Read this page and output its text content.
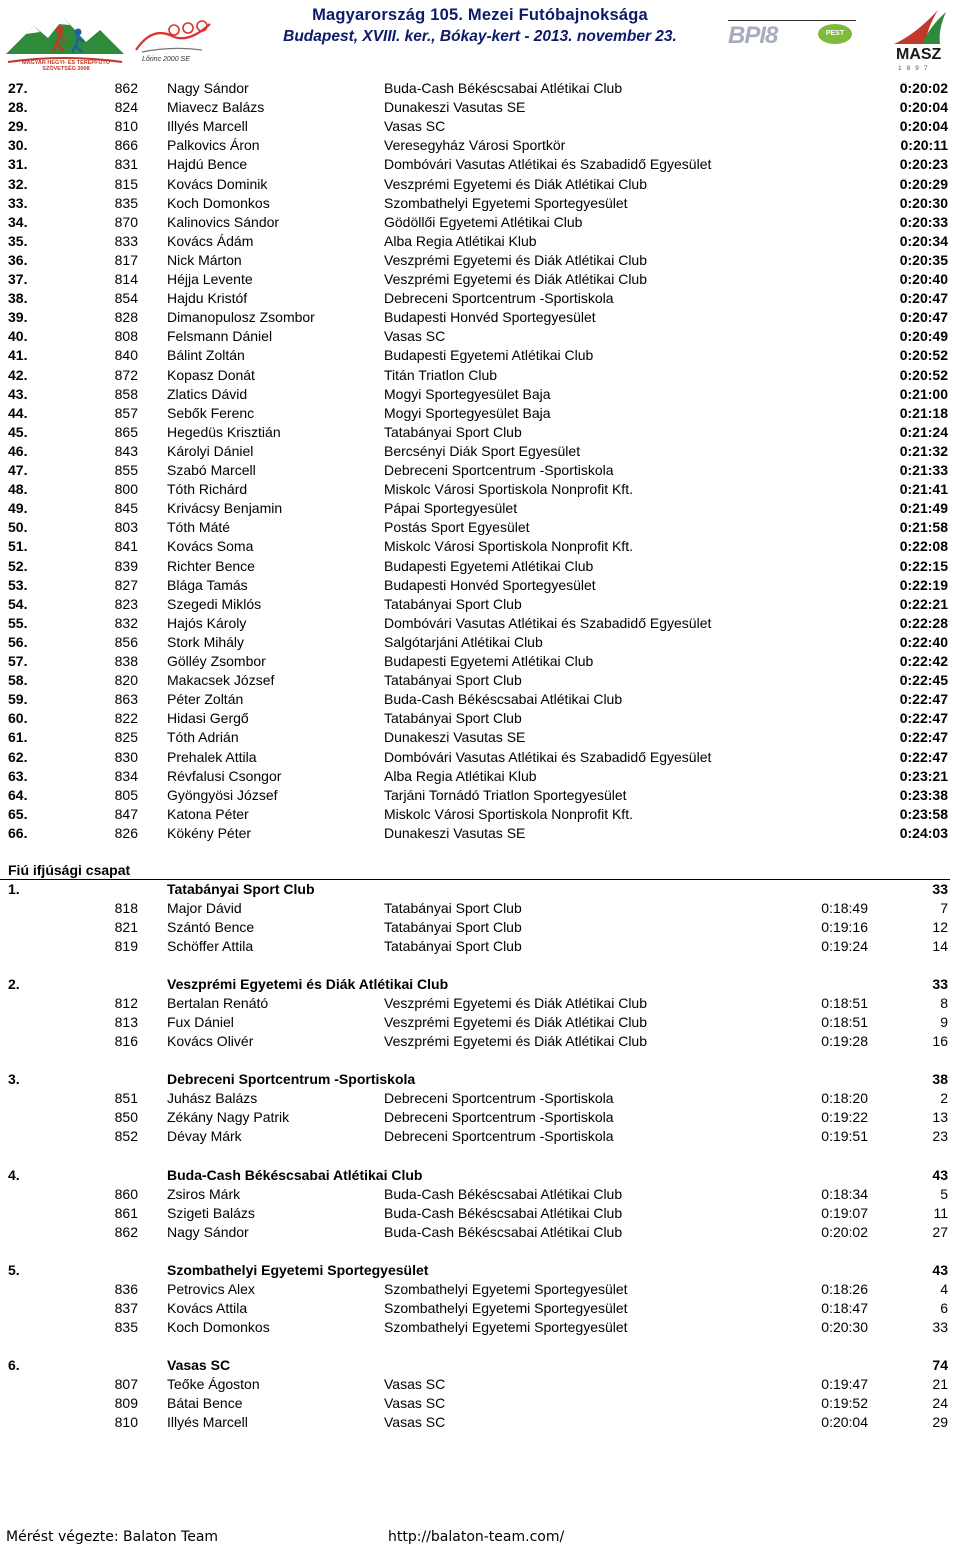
MAGYAR HEGYI- ÉS TEREPFUTÓ SZÖVETSÉG 2008
Lőrinc 2000 SE
Magyarország 105. Mezei Futóbajnoksága
Budapest, XVIII. ker., Bókay-kert - 2013. november 23.	BPI8	PEST
MASZ
1897
27.	862 Nagy Sándor	Buda-Cash Békéscsabai Atlétikai Club	0:20:02
28.	824 Miavecz Balázs	Dunakeszi Vasutas SE	0:20:04
29.	810 Illyés Marcell	Vasas SC	0:20:04
30.	866 Palkovics Áron	Veresegyház Városi Sportkör	0:20:11
31.	831 Hajdú Bence	Dombóvári Vasutas Atlétikai és Szabadidő Egyesület	0:20:23
32.	815 Kovács Dominik	Veszprémi Egyetemi és Diák Atlétikai Club	0:20:29
33.	835 Koch Domonkos	Szombathelyi Egyetemi Sportegyesület	0:20:30
34.	870 Kalinovics Sándor	Gödöllői Egyetemi Atlétikai Club	0:20:33
35.	833 Kovács Ádám	Alba Regia Atlétikai Klub	0:20:34
36.	817 Nick Márton	Veszprémi Egyetemi és Diák Atlétikai Club	0:20:35
37.	814 Héjja Levente	Veszprémi Egyetemi és Diák Atlétikai Club	0:20:40
38.	854 Hajdu Kristóf	Debreceni Sportcentrum -Sportiskola	0:20:47
39.	828 Dimanopulosz Zsombor	Budapesti Honvéd Sportegyesület	0:20:47
40.	808 Felsmann Dániel	Vasas SC	0:20:49
41.	840 Bálint Zoltán	Budapesti Egyetemi Atlétikai Club	0:20:52
42.	872 Kopasz Donát	Titán Triatlon Club	0:20:52
43.	858 Zlatics Dávid	Mogyi Sportegyesület Baja	0:21:00
44.	857 Sebők Ferenc	Mogyi Sportegyesület Baja	0:21:18
45.	865 Hegedüs Krisztián	Tatabányai Sport Club	0:21:24
46.	843 Károlyi Dániel	Bercsényi Diák Sport Egyesület	0:21:32
47.	855 Szabó Marcell	Debreceni Sportcentrum -Sportiskola	0:21:33
48.	800 Tóth Richárd	Miskolc Városi Sportiskola Nonprofit Kft.	0:21:41
49.	845 Krivácsy Benjamin	Pápai Sportegyesület	0:21:49
50.	803 Tóth Máté	Postás Sport Egyesület	0:21:58
51.	841 Kovács Soma	Miskolc Városi Sportiskola Nonprofit Kft.	0:22:08
52.	839 Richter Bence	Budapesti Egyetemi Atlétikai Club	0:22:15
53.	827 Blága Tamás	Budapesti Honvéd Sportegyesület	0:22:19
54.	823 Szegedi Miklós	Tatabányai Sport Club	0:22:21
55.	832 Hajós Károly	Dombóvári Vasutas Atlétikai és Szabadidő Egyesület	0:22:28
56.	856 Stork Mihály	Salgótarjáni Atlétikai Club	0:22:40
57.	838 Gölléy Zsombor	Budapesti Egyetemi Atlétikai Club	0:22:42
58.	820 Makacsek József	Tatabányai Sport Club	0:22:45
59.	863 Péter Zoltán	Buda-Cash Békéscsabai Atlétikai Club	0:22:47
60.	822 Hidasi Gergő	Tatabányai Sport Club	0:22:47
61.	825 Tóth Adrián	Dunakeszi Vasutas SE	0:22:47
62.	830 Prehalek Attila	Dombóvári Vasutas Atlétikai és Szabadidő Egyesület	0:22:47
63.	834 Révfalusi Csongor	Alba Regia Atlétikai Klub	0:23:21
64.	805 Gyöngyösi József	Tarjáni Tornádó Triatlon Sportegyesület	0:23:38
65.	847 Katona Péter	Miskolc Városi Sportiskola Nonprofit Kft.	0:23:58
66.	826 Kökény Péter	Dunakeszi Vasutas SE	0:24:03
Fiú ifjúsági csapat
1.	Tatabányai Sport Club	33
818 Major Dávid	Tatabányai Sport Club	0:18:49	7
821 Szántó Bence	Tatabányai Sport Club	0:19:16	12
819 Schöffer Attila	Tatabányai Sport Club	0:19:24	14
2.	Veszprémi Egyetemi és Diák Atlétikai Club	33
812 Bertalan Renátó	Veszprémi Egyetemi és Diák Atlétikai Club	0:18:51	8
813 Fux Dániel	Veszprémi Egyetemi és Diák Atlétikai Club	0:18:51	9
816 Kovács Olivér	Veszprémi Egyetemi és Diák Atlétikai Club	0:19:28	16
3.	Debreceni Sportcentrum -Sportiskola	38
851 Juhász Balázs	Debreceni Sportcentrum -Sportiskola	0:18:20	2
850 Zékány Nagy Patrik	Debreceni Sportcentrum -Sportiskola	0:19:22	13
852 Dévay Márk	Debreceni Sportcentrum -Sportiskola	0:19:51	23
4.	Buda-Cash Békéscsabai Atlétikai Club	43
860 Zsiros Márk	Buda-Cash Békéscsabai Atlétikai Club	0:18:34	5
861 Szigeti Balázs	Buda-Cash Békéscsabai Atlétikai Club	0:19:07	11
862 Nagy Sándor	Buda-Cash Békéscsabai Atlétikai Club	0:20:02	27
5.	Szombathelyi Egyetemi Sportegyesület	43
836 Petrovics Alex	Szombathelyi Egyetemi Sportegyesület	0:18:26	4
837 Kovács Attila	Szombathelyi Egyetemi Sportegyesület	0:18:47	6
835 Koch Domonkos	Szombathelyi Egyetemi Sportegyesület	0:20:30	33
6.	Vasas SC	74
807 Teőke Ágoston	Vasas SC	0:19:47	21
809 Bátai Bence	Vasas SC	0:19:52	24
810 Illyés Marcell	Vasas SC	0:20:04	29
Mérést végezte: Balaton Team	http://balaton-team.com/
